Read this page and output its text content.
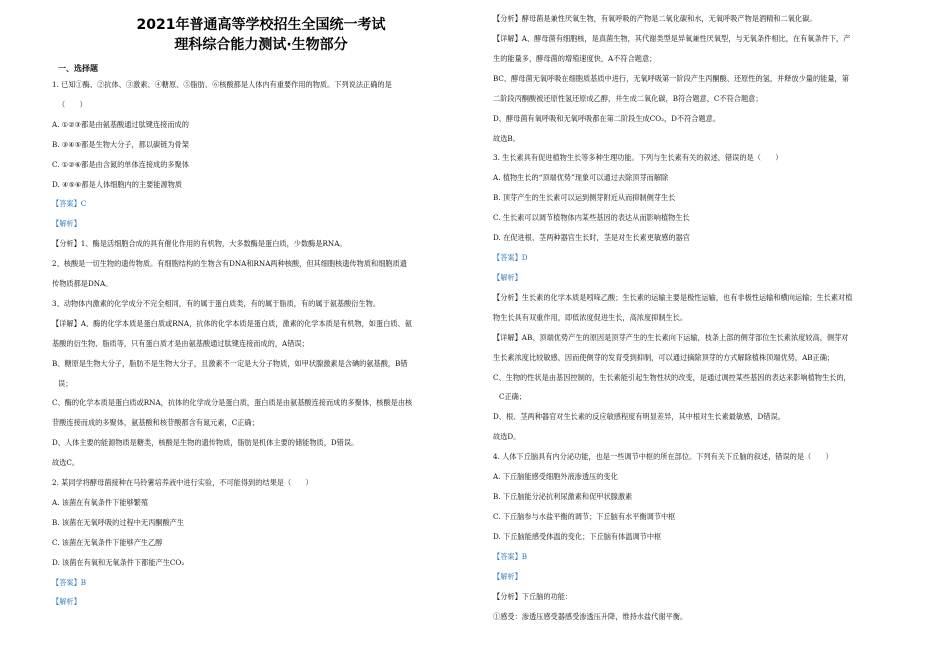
2021年普通高等学校招生全国统一考试
理科综合能力测试·生物部分
一、选择题
1. 已知①酶、②抗体、③激素、④糖原、⑤脂肪、⑥核酸都是人体内有重要作用的物质。下列说法正确的是
（　　）
A. ①②③都是由氨基酸通过肽键连接而成的
B. ③④⑤都是生物大分子，都以碳链为骨架
C. ①②⑥都是由含氮的单体连接成的多聚体
D. ④⑤⑥都是人体细胞内的主要能源物质
【答案】C
【解析】
【分析】1、酶是活细胞合成的具有催化作用的有机物，大多数酶是蛋白质，少数酶是RNA。
2、核酸是一切生物的遗传物质。有细胞结构的生物含有DNA和RNA两种核酸，但其细胞核遗传物质和细胞质遗
传物质都是DNA。
3、动物体内激素的化学成分不完全相同，有的属于蛋白质类，有的属于脂质，有的属于氨基酸衍生物。
【详解】A、酶的化学本质是蛋白质或RNA，抗体的化学本质是蛋白质，激素的化学本质是有机物，如蛋白质、氨
基酸的衍生物、脂质等，只有蛋白质才是由氨基酸通过肽键连接而成的，A错误；
B、糖原是生物大分子，脂肪不是生物大分子，且激素不一定是大分子物质，如甲状腺激素是含碘的氨基酸，B错
误；
C、酶的化学本质是蛋白质或RNA，抗体的化学成分是蛋白质，蛋白质是由氨基酸连接而成的多聚体，核酸是由核
苷酸连接而成的多聚体，氨基酸和核苷酸都含有氮元素，C正确；
D、人体主要的能源物质是糖类，核酸是生物的遗传物质，脂肪是机体主要的储能物质，D错误。
故选C。
2. 某同学将酵母菌接种在马铃薯培养液中进行实验，不可能得到的结果是（　　）
A. 该菌在有氧条件下能够繁殖
B. 该菌在无氧呼吸的过程中无丙酮酸产生
C. 该菌在无氧条件下能够产生乙醇
D. 该菌在有氧和无氧条件下都能产生CO₂
【答案】B
【解析】
【分析】酵母菌是兼性厌氧生物，有氧呼吸的产物是二氧化碳和水，无氧呼吸产物是酒精和二氧化碳。
【详解】A、酵母菌有细胞核，是真菌生物，其代谢类型是异氧兼性厌氧型，与无氧条件相比，在有氧条件下，产
生的能量多，酵母菌的增殖速度快，A不符合题意；
BC、酵母菌无氧呼吸在细胞质基质中进行，无氧呼吸第一阶段产生丙酮酸、还原性的氢，并释放少量的能量，第
二阶段丙酮酸被还原性氢还原成乙醇，并生成二氧化碳，B符合题意，C不符合题意；
D、酵母菌有氧呼吸和无氧呼吸都在第二阶段生成CO₂，D不符合题意。
故选B。
3. 生长素具有促进植物生长等多种生理功能。下列与生长素有关的叙述，错误的是（　　）
A. 植物生长的“顶端优势”现象可以通过去除顶芽而解除
B. 顶芽产生的生长素可以运到侧芽附近从而抑制侧芽生长
C. 生长素可以调节植物体内某些基因的表达从而影响植物生长
D. 在促进根、茎两种器官生长时，茎是对生长素更敏感的器官
【答案】D
【解析】
【分析】生长素的化学本质是吲哚乙酸；生长素的运输主要是极性运输，也有非极性运输和横向运输；生长素对植
物生长具有双重作用，即低浓度促进生长，高浓度抑制生长。
【详解】AB、顶端优势产生的原因是顶芽产生的生长素向下运输，枝条上部的侧芽部位生长素浓度较高，侧芽对
生长素浓度比较敏感，因而使侧芽的发育受到抑制，可以通过摘除顶芽的方式解除植株顶端优势，AB正确；
C、生物的性状是由基因控制的，生长素能引起生物性状的改变，是通过调控某些基因的表达来影响植物生长的，
C正确；
D、根、茎两种器官对生长素的反应敏感程度有明显差异，其中根对生长素最敏感，D错误。
故选D。
4. 人体下丘脑具有内分泌功能，也是一些调节中枢的所在部位。下列有关下丘脑的叙述，错误的是（　　）
A. 下丘脑能感受细胞外液渗透压的变化
B. 下丘脑能分泌抗利尿激素和促甲状腺激素
C. 下丘脑参与水盐平衡的调节；下丘脑有水平衡调节中枢
D. 下丘脑能感受体温的变化；下丘脑有体温调节中枢
【答案】B
【解析】
【分析】下丘脑的功能：
①感受：渗透压感受器感受渗透压升降，维持水盐代谢平衡。
